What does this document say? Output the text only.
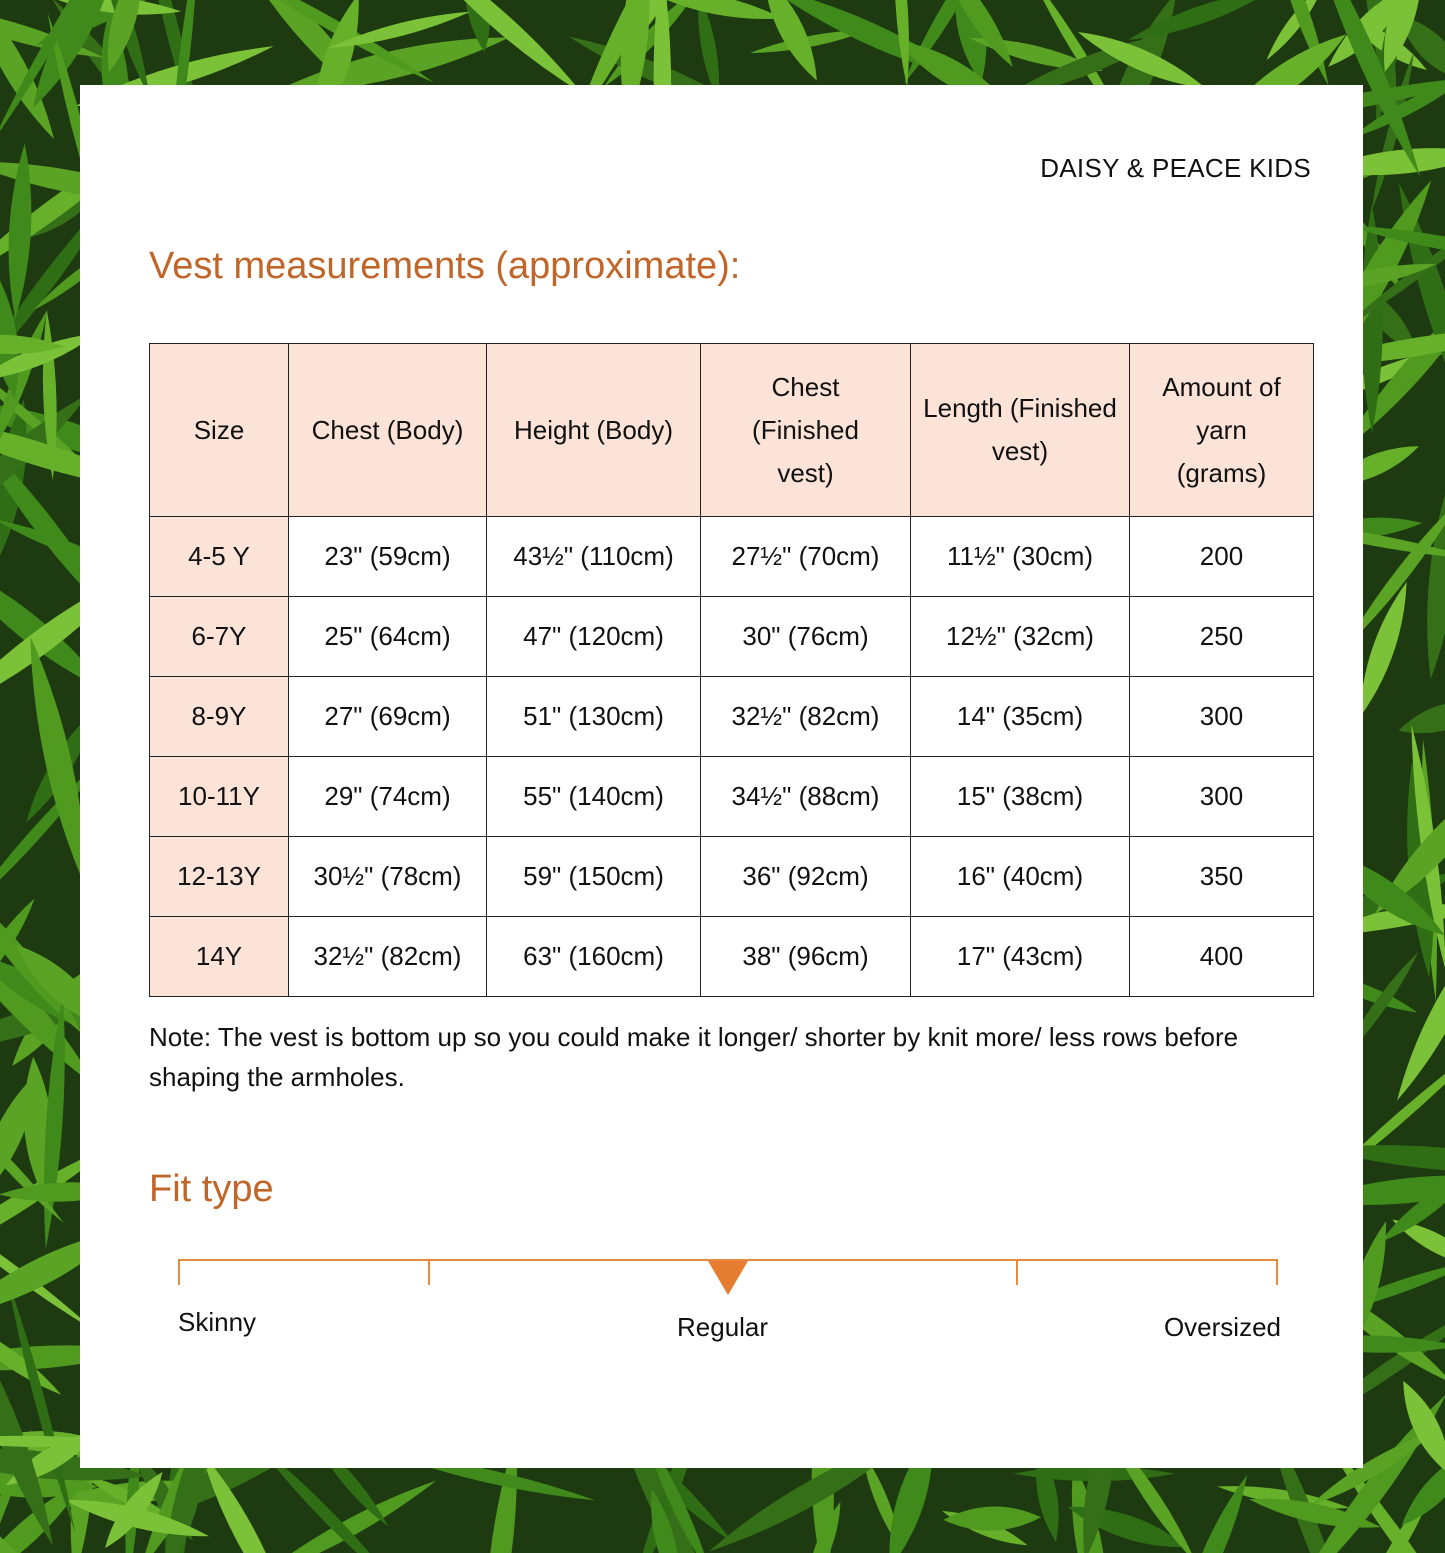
DAISY & PEACE KIDS
Vest measurements (approximate):
Size	Chest (Body)	Height (Body)	Chest (Finished vest)	Length (Finished vest)	Amount of yarn (grams)
4-5 Y	23" (59cm)	43½" (110cm)	27½" (70cm)	11½" (30cm)	200
6-7Y	25" (64cm)	47" (120cm)	30" (76cm)	12½" (32cm)	250
8-9Y	27" (69cm)	51" (130cm)	32½" (82cm)	14" (35cm)	300
10-11Y	29" (74cm)	55" (140cm)	34½" (88cm)	15" (38cm)	300
12-13Y	30½" (78cm)	59" (150cm)	36" (92cm)	16" (40cm)	350
14Y	32½" (82cm)	63" (160cm)	38" (96cm)	17" (43cm)	400
Note: The vest is bottom up so you could make it longer/ shorter by knit more/ less rows before shaping the armholes.
Fit type
Skinny	Regular	Oversized
